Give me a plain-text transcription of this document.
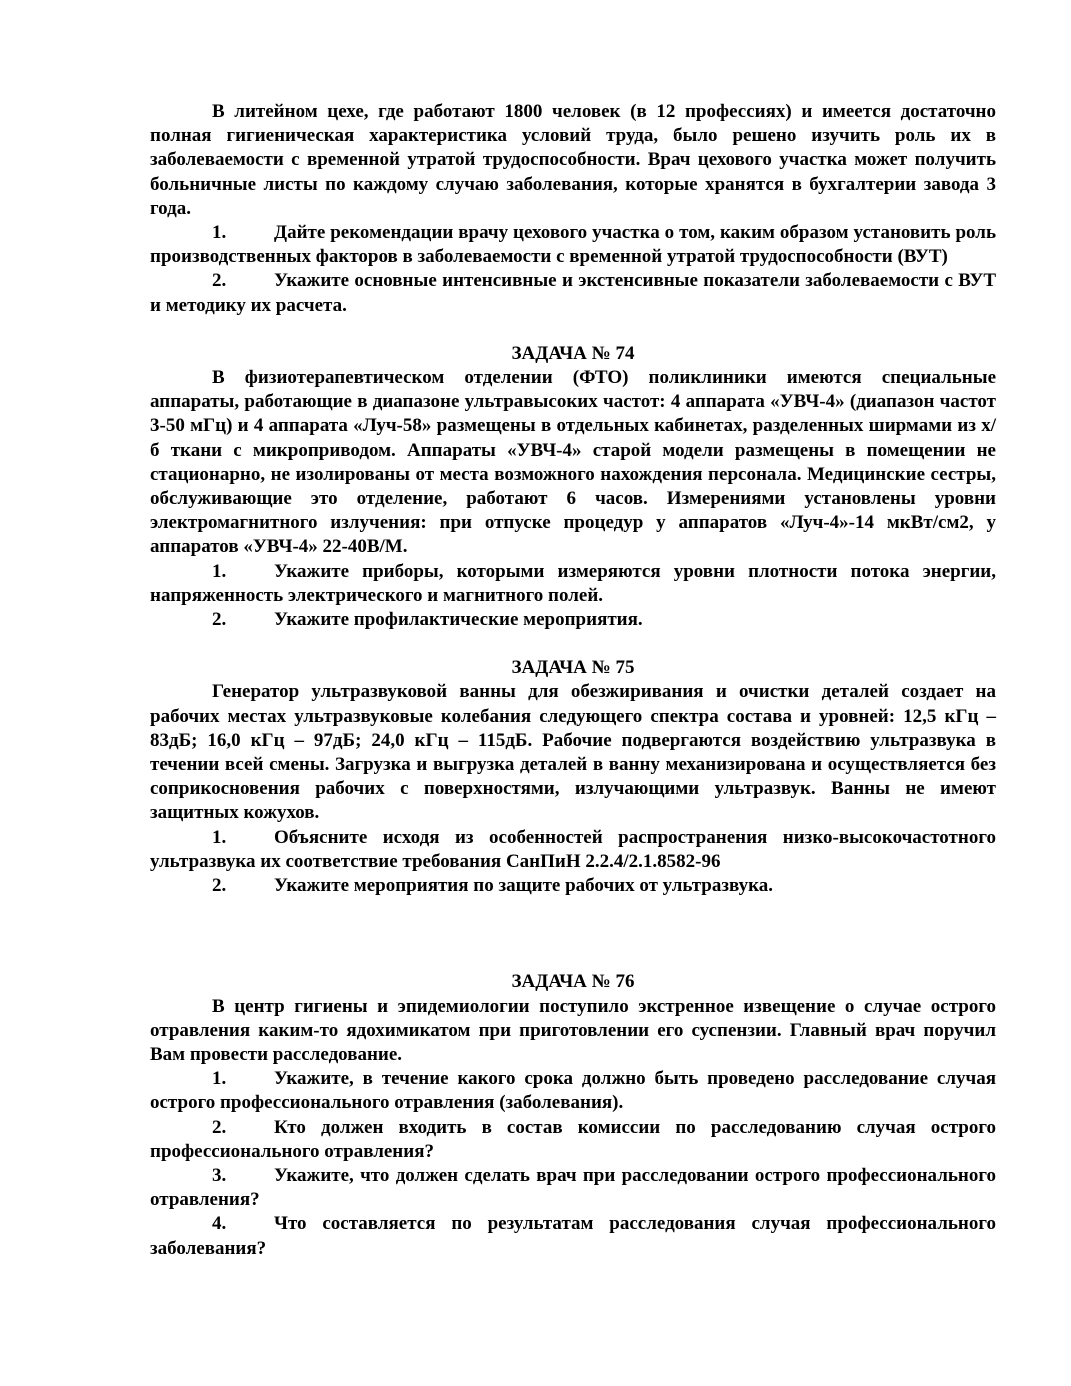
В литейном цехе, где работают 1800 человек (в 12 профессиях) и имеется достаточно полная гигиеническая характеристика условий труда, было решено изучить роль их в заболеваемости с временной утратой трудоспособности. Врач цехового участка может получить больничные листы по каждому случаю заболевания, которые хранятся в бухгалтерии завода 3 года.

1.	Дайте рекомендации врачу цехового участка о том, каким образом установить роль производственных факторов в заболеваемости с временной утратой трудоспособности (ВУТ)

2.	Укажите основные интенсивные и экстенсивные показатели заболеваемости с ВУТ и методику их расчета.

ЗАДАЧА № 74

В физиотерапевтическом отделении (ФТО) поликлиники имеются специальные аппараты, работающие в диапазоне ультравысоких частот: 4 аппарата «УВЧ-4» (диапазон частот 3-50 мГц) и 4 аппарата «Луч-58» размещены в отдельных кабинетах, разделенных ширмами из х/б ткани с микроприводом. Аппараты «УВЧ-4» старой модели размещены в помещении не стационарно, не изолированы от места возможного нахождения персонала. Медицинские сестры, обслуживающие это отделение, работают 6 часов. Измерениями установлены уровни электромагнитного излучения: при отпуске процедур у аппаратов «Луч-4»-14 мкВт/см2, у аппаратов «УВЧ-4» 22-40В/М.

1.	Укажите приборы, которыми измеряются уровни плотности потока энергии, напряженность электрического и магнитного полей.

2.	Укажите профилактические мероприятия.

ЗАДАЧА № 75

Генератор ультразвуковой ванны для обезжиривания и очистки деталей создает на рабочих местах ультразвуковые колебания следующего спектра состава и уровней: 12,5 кГц – 83дБ; 16,0 кГц – 97дБ; 24,0 кГц – 115дБ. Рабочие подвергаются воздействию ультразвука в течении всей смены. Загрузка и выгрузка деталей в ванну механизирована и осуществляется без соприкосновения рабочих с поверхностями, излучающими ультразвук. Ванны не имеют защитных кожухов.

1.	Объясните исходя из особенностей распространения низко-высокочастотного ультразвука их соответствие требования СанПиН 2.2.4/2.1.8582-96

2.	Укажите мероприятия по защите рабочих от ультразвука.

ЗАДАЧА № 76

В центр гигиены и эпидемиологии поступило экстренное извещение о случае острого отравления каким-то ядохимикатом при приготовлении его суспензии. Главный врач поручил Вам провести расследование.

1.	Укажите, в течение какого срока должно быть проведено расследование случая острого профессионального отравления (заболевания).

2.	Кто должен входить в состав комиссии по расследованию случая острого профессионального отравления?

3.	Укажите, что должен сделать врач при расследовании острого профессионального отравления?

4.	Что составляется по результатам расследования случая профессионального заболевания?
